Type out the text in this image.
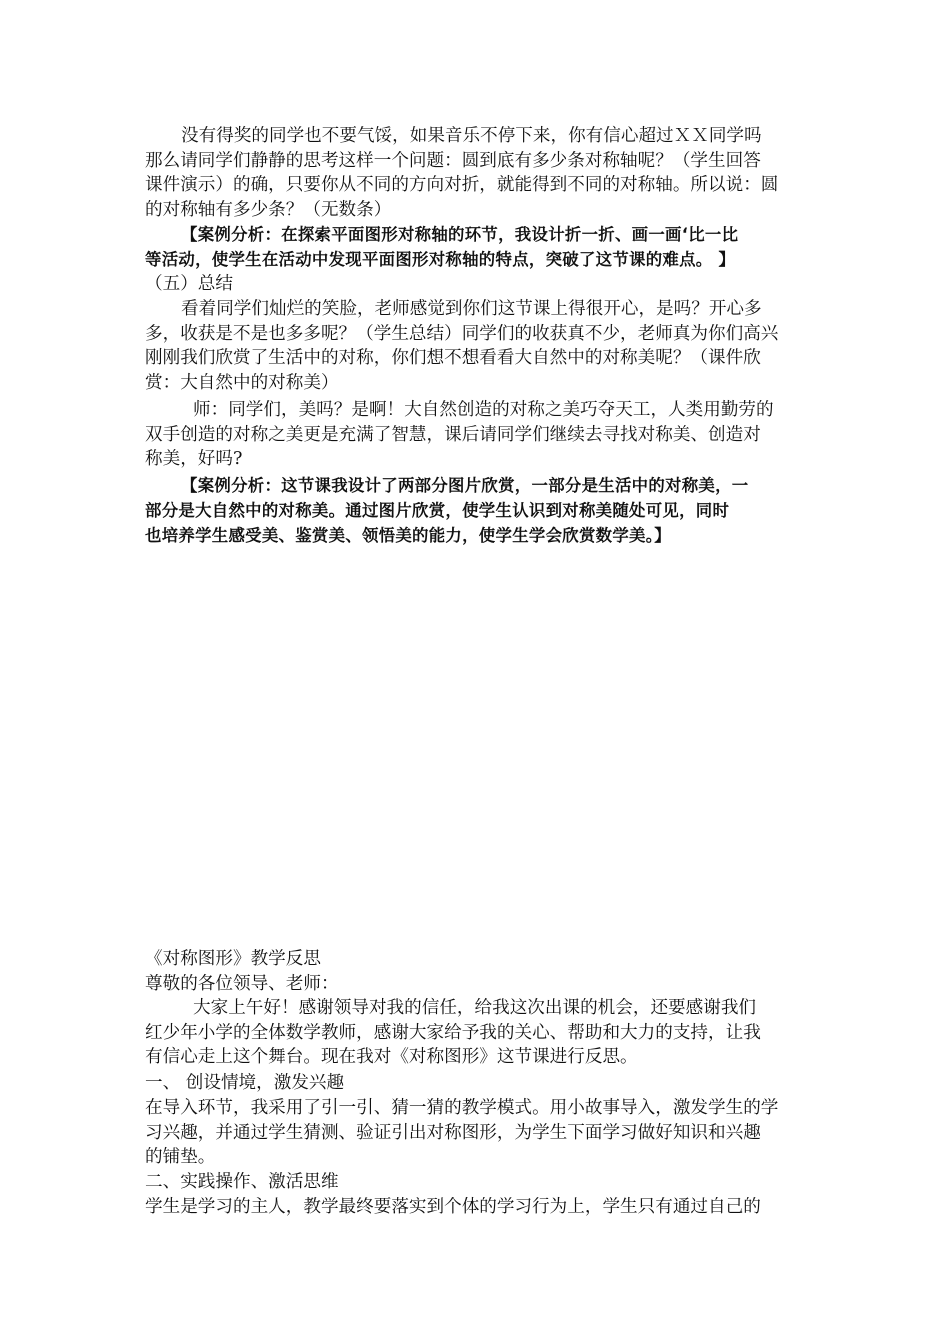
没有得奖的同学也不要气馁，如果音乐不停下来，你有信心超过ＸＸ同学吗
那么请同学们静静的思考这样一个问题：圆到底有多少条对称轴呢？（学生回答
课件演示）的确，只要你从不同的方向对折，就能得到不同的对称轴。所以说：圆
的对称轴有多少条？（无数条）

【案例分析：在探索平面图形对称轴的环节，我设计折一折、画一画‘比一比
等活动，使学生在活动中发现平面图形对称轴的特点，突破了这节课的难点。 】

（五）总结

看着同学们灿烂的笑脸，老师感觉到你们这节课上得很开心，是吗？开心多
多，收获是不是也多多呢？（学生总结）同学们的收获真不少，老师真为你们高兴
刚刚我们欣赏了生活中的对称，你们想不想看看大自然中的对称美呢？（课件欣
赏：大自然中的对称美）

师：同学们，美吗？是啊！大自然创造的对称之美巧夺天工，人类用勤劳的
双手创造的对称之美更是充满了智慧，课后请同学们继续去寻找对称美、创造对
称美，好吗?

【案例分析：这节课我设计了两部分图片欣赏，一部分是生活中的对称美，一
部分是大自然中的对称美。通过图片欣赏，使学生认识到对称美随处可见，同时
也培养学生感受美、鉴赏美、领悟美的能力，使学生学会欣赏数学美。】

《对称图形》教学反思

尊敬的各位领导、老师：

大家上午好！感谢领导对我的信任，给我这次出课的机会，还要感谢我们
红少年小学的全体数学教师，感谢大家给予我的关心、帮助和大力的支持，让我
有信心走上这个舞台。现在我对《对称图形》这节课进行反思。

一、 创设情境，激发兴趣

在导入环节，我采用了引一引、猜一猜的教学模式。用小故事导入，激发学生的学
习兴趣，并通过学生猜测、验证引出对称图形，为学生下面学习做好知识和兴趣
的铺垫。

二、实践操作、激活思维

学生是学习的主人，教学最终要落实到个体的学习行为上，学生只有通过自己的
